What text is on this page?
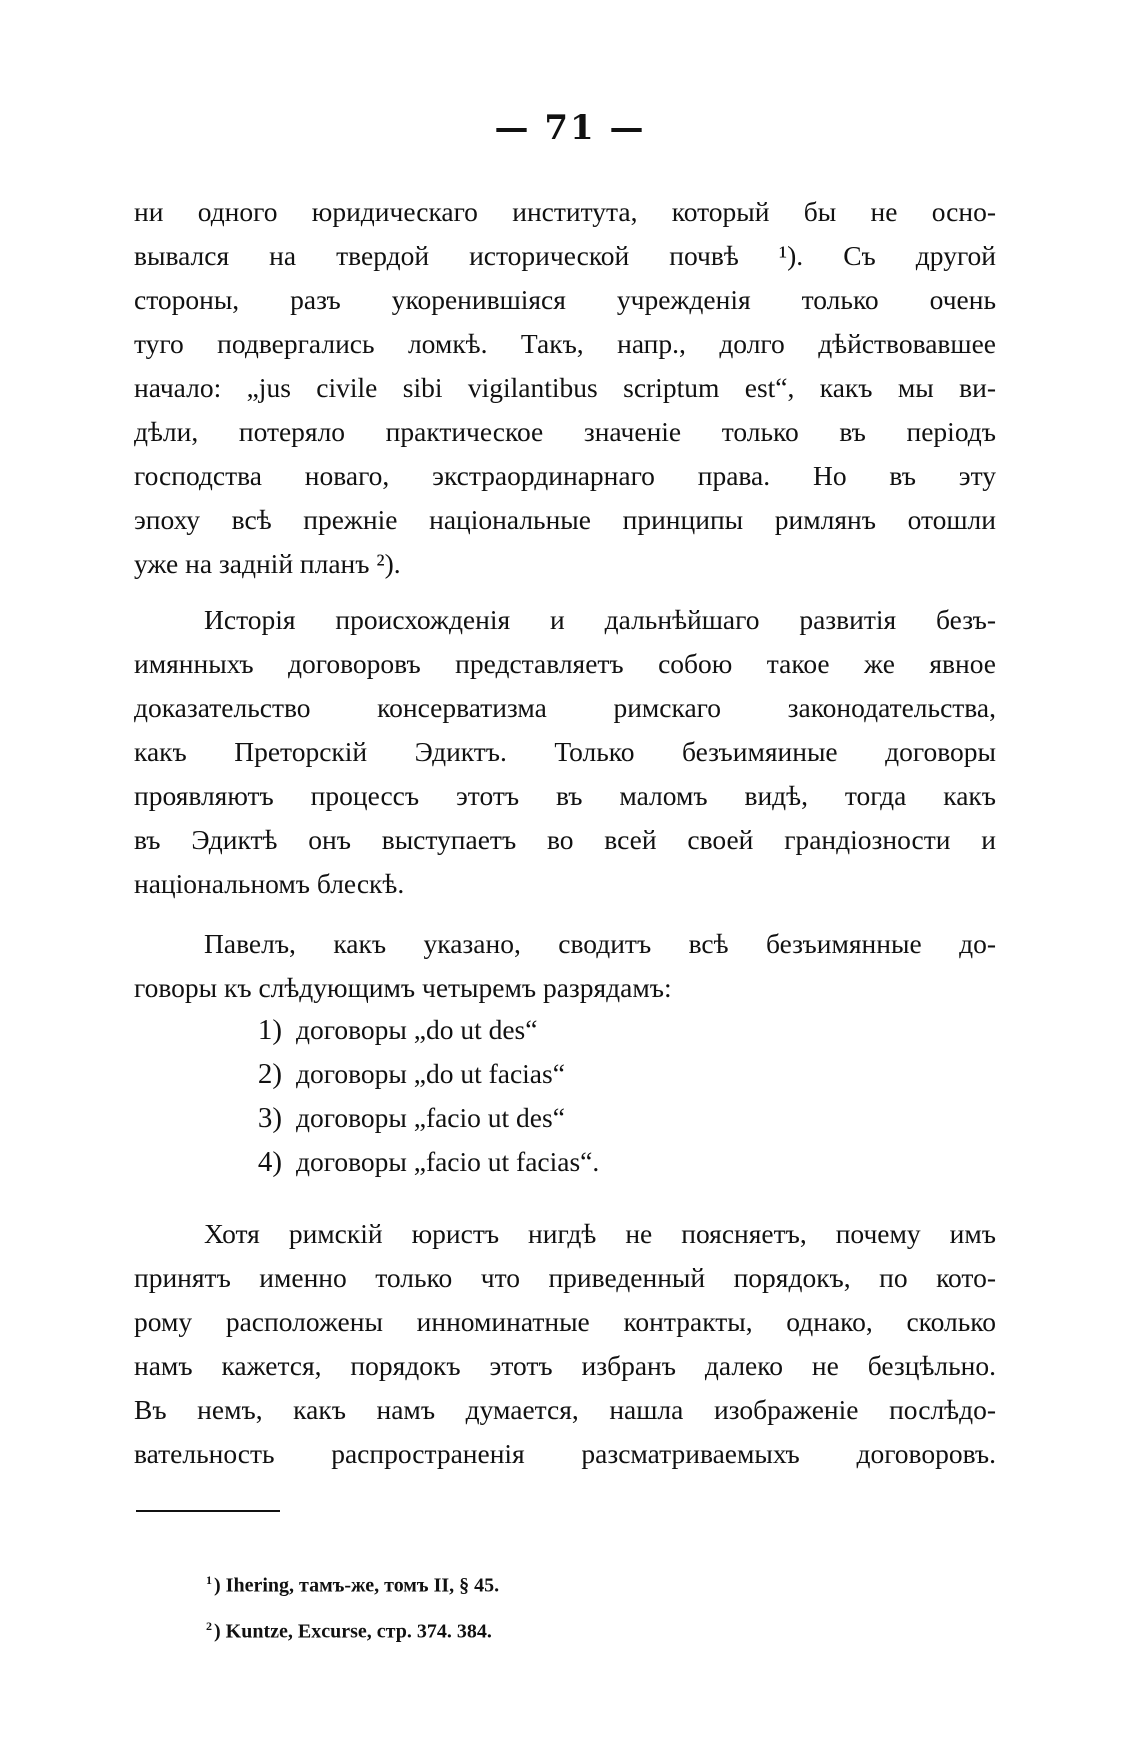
— 71 —

ни одного юридическаго института, который бы не осно-
вывался на твердой исторической почвѣ ¹). Съ другой
стороны, разъ укоренившіяся учрежденія только очень
туго подвергались ломкѣ. Такъ, напр., долго дѣйствовавшее
начало: „jus civile sibi vigilantibus scriptum est“, какъ мы ви-
дѣли, потеряло практическое значеніе только въ періодъ
господства новаго, экстраординарнаго права. Но въ эту
эпоху всѣ прежніе національные принципы римлянъ отошли
уже на заднiй планъ ²).

Исторія происхожденія и дальнѣйшаго развитія безъ-
имянныхъ договоровъ представляетъ собою такое же явное
доказательство консерватизма римскаго законодательства,
какъ Преторскій Эдиктъ. Только безъимяиные договоры
проявляютъ процессъ этотъ въ маломъ видѣ, тогда какъ
въ Эдиктѣ онъ выступаетъ во всей своей грандіозности и
національномъ блескѣ.

Павелъ, какъ указано, сводитъ всѣ безъимянные до-
говоры къ слѣдующимъ четыремъ разрядамъ:

1) договоры „do ut des“
2) договоры „do ut facias“
3) договоры „facio ut des“
4) договоры „facio ut facias“.

Хотя римскій юристъ нигдѣ не поясняетъ, почему имъ
принятъ именно только что приведенный порядокъ, по кото-
рому расположены инноминатные контракты, однако, сколько
намъ кажется, порядокъ этотъ избранъ далеко не безцѣльно.
Въ немъ, какъ намъ думается, нашла изображеніе послѣдо-
вательность распространенія разсматриваемыхъ договоровъ.

$^1$ ) Ihering, тамъ-же, томъ II, § 45.
$^2$ ) Kuntze, Excurse, стр. 374. 384.
